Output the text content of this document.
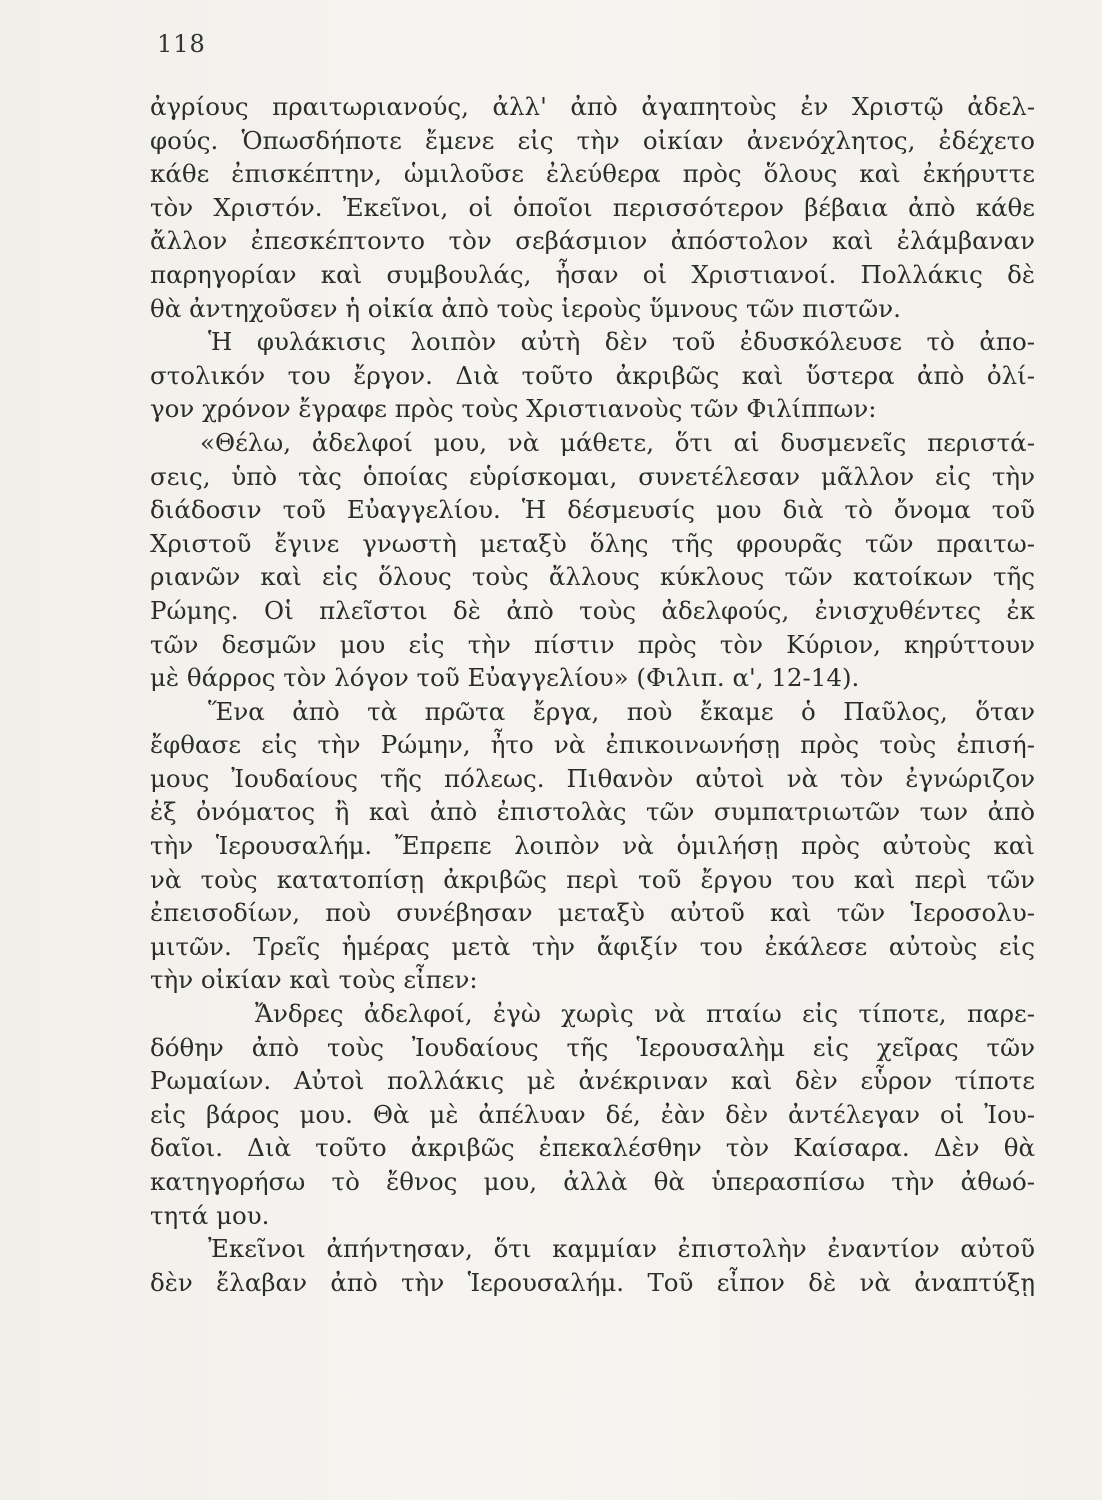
118
ἀγρίους πραιτωριανούς, ἀλλ' ἀπὸ ἀγαπητοὺς ἐν Χριστῷ ἀδελ-
φούς. Ὁπωσδήποτε ἔμενε εἰς τὴν οἰκίαν ἀνενόχλητος, ἐδέχετο
κάθε ἐπισκέπτην, ὡμιλοῦσε ἐλεύθερα πρὸς ὅλους καὶ ἐκήρυττε
τὸν Χριστόν. Ἐκεῖνοι, οἱ ὁποῖοι περισσότερον βέβαια ἀπὸ κάθε
ἄλλον ἐπεσκέπτοντο τὸν σεβάσμιον ἀπόστολον καὶ ἐλάμβαναν
παρηγορίαν καὶ συμβουλάς, ἦσαν οἱ Χριστιανοί. Πολλάκις δὲ
θὰ ἀντηχοῦσεν ἡ οἰκία ἀπὸ τοὺς ἱεροὺς ὕμνους τῶν πιστῶν.
Ἡ φυλάκισις λοιπὸν αὐτὴ δὲν τοῦ ἐδυσκόλευσε τὸ ἀπο-
στολικόν του ἔργον. Διὰ τοῦτο ἀκριβῶς καὶ ὕστερα ἀπὸ ὀλί-
γον χρόνον ἔγραφε πρὸς τοὺς Χριστιανοὺς τῶν Φιλίππων:
«Θέλω, ἀδελφοί μου, νὰ μάθετε, ὅτι αἱ δυσμενεῖς περιστά-
σεις, ὑπὸ τὰς ὁποίας εὑρίσκομαι, συνετέλεσαν μᾶλλον εἰς τὴν
διάδοσιν τοῦ Εὐαγγελίου. Ἡ δέσμευσίς μου διὰ τὸ ὄνομα τοῦ
Χριστοῦ ἔγινε γνωστὴ μεταξὺ ὅλης τῆς φρουρᾶς τῶν πραιτω-
ριανῶν καὶ εἰς ὅλους τοὺς ἄλλους κύκλους τῶν κατοίκων τῆς
Ρώμης. Οἱ πλεῖστοι δὲ ἀπὸ τοὺς ἀδελφούς, ἐνισχυθέντες ἐκ
τῶν δεσμῶν μου εἰς τὴν πίστιν πρὸς τὸν Κύριον, κηρύττουν
μὲ θάρρος τὸν λόγον τοῦ Εὐαγγελίου» (Φιλιπ. α', 12-14).
Ἕνα ἀπὸ τὰ πρῶτα ἔργα, ποὺ ἔκαμε ὁ Παῦλος, ὅταν
ἔφθασε εἰς τὴν Ρώμην, ἦτο νὰ ἐπικοινωνήσῃ πρὸς τοὺς ἐπισή-
μους Ἰουδαίους τῆς πόλεως. Πιθανὸν αὐτοὶ νὰ τὸν ἐγνώριζον
ἐξ ὀνόματος ἢ καὶ ἀπὸ ἐπιστολὰς τῶν συμπατριωτῶν των ἀπὸ
τὴν Ἱερουσαλήμ. Ἔπρεπε λοιπὸν νὰ ὁμιλήσῃ πρὸς αὐτοὺς καὶ
νὰ τοὺς κατατοπίσῃ ἀκριβῶς περὶ τοῦ ἔργου του καὶ περὶ τῶν
ἐπεισοδίων, ποὺ συνέβησαν μεταξὺ αὐτοῦ καὶ τῶν Ἱεροσολυ-
μιτῶν. Τρεῖς ἡμέρας μετὰ τὴν ἄφιξίν του ἐκάλεσε αὐτοὺς εἰς
τὴν οἰκίαν καὶ τοὺς εἶπεν:
Ἄνδρες ἀδελφοί, ἐγὼ χωρὶς νὰ πταίω εἰς τίποτε, παρε-
δόθην ἀπὸ τοὺς Ἰουδαίους τῆς Ἱερουσαλὴμ εἰς χεῖρας τῶν
Ρωμαίων. Αὐτοὶ πολλάκις μὲ ἀνέκριναν καὶ δὲν εὗρον τίποτε
εἰς βάρος μου. Θὰ μὲ ἀπέλυαν δέ, ἐὰν δὲν ἀντέλεγαν οἱ Ἰου-
δαῖοι. Διὰ τοῦτο ἀκριβῶς ἐπεκαλέσθην τὸν Καίσαρα. Δὲν θὰ
κατηγορήσω τὸ ἔθνος μου, ἀλλὰ θὰ ὑπερασπίσω τὴν ἀθωό-
τητά μου.
Ἐκεῖνοι ἀπήντησαν, ὅτι καμμίαν ἐπιστολὴν ἐναντίον αὐτοῦ
δὲν ἔλαβαν ἀπὸ τὴν Ἱερουσαλήμ. Τοῦ εἶπον δὲ νὰ ἀναπτύξῃ
